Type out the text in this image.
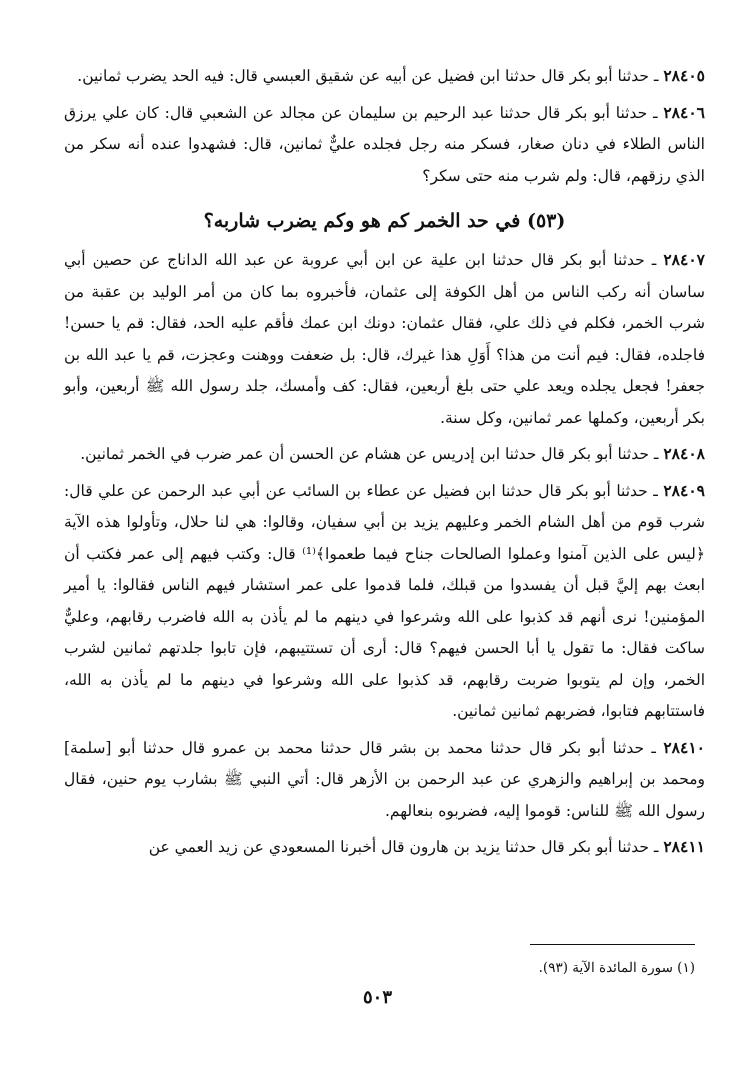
٢٨٤٠٥ ـ حدثنا أبو بكر قال حدثنا ابن فضيل عن أبيه عن شقيق العبسي قال: فيه الحد يضرب ثمانين.

٢٨٤٠٦ ـ حدثنا أبو بكر قال حدثنا عبد الرحيم بن سليمان عن مجالد عن الشعبي قال: كان علي يرزق الناس الطلاء في دنان صغار، فسكر منه رجل فجلده عليٌّ ثمانين، قال: فشهدوا عنده أنه سكر من الذي رزقهم، قال: ولم شرب منه حتى سكر؟

(٥٣) في حد الخمر كم هو وكم يضرب شاربه؟

٢٨٤٠٧ ـ حدثنا أبو بكر قال حدثنا ابن علية عن ابن أبي عروبة عن عبد الله الداناج عن حصين أبي ساسان أنه ركب الناس من أهل الكوفة إلى عثمان، فأخبروه بما كان من أمر الوليد بن عقبة من شرب الخمر، فكلم في ذلك علي، فقال عثمان: دونك ابن عمك فأقم عليه الحد، فقال: قم يا حسن! فاجلده، فقال: فيم أنت من هذا؟ أَوَلِ هذا غيرك، قال: بل ضعفت ووهنت وعجزت، قم يا عبد الله بن جعفر! فجعل يجلده ويعد علي حتى بلغ أربعين، فقال: كف وأمسك، جلد رسول الله ﷺ أربعين، وأبو بكر أربعين، وكملها عمر ثمانين، وكل سنة.

٢٨٤٠٨ ـ حدثنا أبو بكر قال حدثنا ابن إدريس عن هشام عن الحسن أن عمر ضرب في الخمر ثمانين.

٢٨٤٠٩ ـ حدثنا أبو بكر قال حدثنا ابن فضيل عن عطاء بن السائب عن أبي عبد الرحمن عن علي قال: شرب قوم من أهل الشام الخمر وعليهم يزيد بن أبي سفيان، وقالوا: هي لنا حلال، وتأولوا هذه الآية ﴿ليس على الذين آمنوا وعملوا الصالحات جناح فيما طعموا﴾⁽¹⁾ قال: وكتب فيهم إلى عمر فكتب أن ابعث بهم إليَّ قبل أن يفسدوا من قبلك، فلما قدموا على عمر استشار فيهم الناس فقالوا: يا أمير المؤمنين! نرى أنهم قد كذبوا على الله وشرعوا في دينهم ما لم يأذن به الله فاضرب رقابهم، وعليٌّ ساكت فقال: ما تقول يا أبا الحسن فيهم؟ قال: أرى أن تستتيبهم، فإن تابوا جلدتهم ثمانين لشرب الخمر، وإن لم يتوبوا ضربت رقابهم، قد كذبوا على الله وشرعوا في دينهم ما لم يأذن به الله، فاستتابهم فتابوا، فضربهم ثمانين ثمانين.

٢٨٤١٠ ـ حدثنا أبو بكر قال حدثنا محمد بن بشر قال حدثنا محمد بن عمرو قال حدثنا أبو [سلمة] ومحمد بن إبراهيم والزهري عن عبد الرحمن بن الأزهر قال: أتي النبي ﷺ بشارب يوم حنين، فقال رسول الله ﷺ للناس: قوموا إليه، فضربوه بنعالهم.

٢٨٤١١ ـ حدثنا أبو بكر قال حدثنا يزيد بن هارون قال أخبرنا المسعودي عن زيد العمي عن

(١) سورة المائدة الآية (٩٣).
٥٠٣
